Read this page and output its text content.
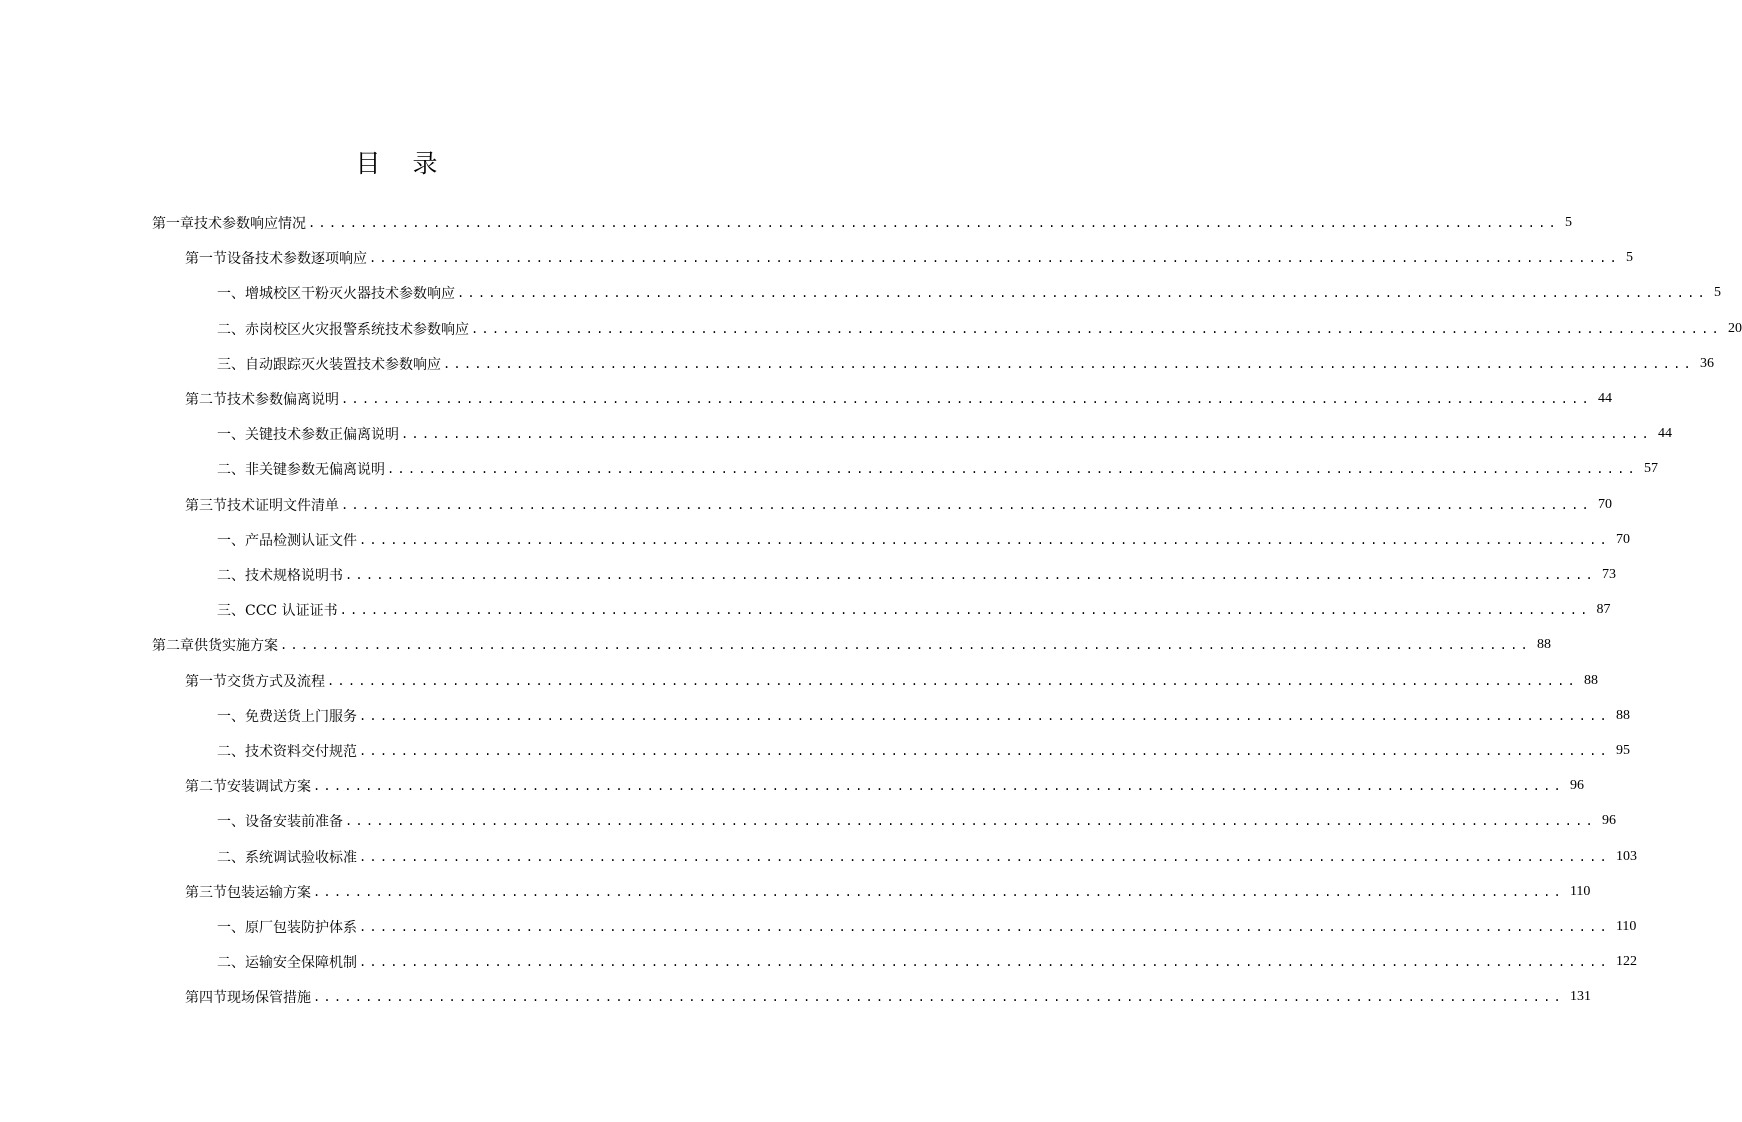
目 录
第一章 技术参数响应情况 ........................................................................................................................ 5
第一节 设备技术参数逐项响应 ........................................................................................................................ 5
一、 增城校区干粉灭火器技术参数响应 ........................................................................................................................ 5
二、 赤岗校区火灾报警系统技术参数响应 ........................................................................................................................ 20
三、 自动跟踪灭火装置技术参数响应 ........................................................................................................................ 36
第二节 技术参数偏离说明 ........................................................................................................................ 44
一、 关键技术参数正偏离说明 ........................................................................................................................ 44
二、 非关键参数无偏离说明 ........................................................................................................................ 57
第三节 技术证明文件清单 ........................................................................................................................ 70
一、 产品检测认证文件 ........................................................................................................................ 70
二、 技术规格说明书 ........................................................................................................................ 73
三、 CCC 认证证书 ........................................................................................................................ 87
第二章 供货实施方案 ........................................................................................................................ 88
第一节 交货方式及流程 ........................................................................................................................ 88
一、 免费送货上门服务 ........................................................................................................................ 88
二、 技术资料交付规范 ........................................................................................................................ 95
第二节 安装调试方案 ........................................................................................................................ 96
一、 设备安装前准备 ........................................................................................................................ 96
二、 系统调试验收标准 ........................................................................................................................ 103
第三节 包装运输方案 ........................................................................................................................ 110
一、 原厂包装防护体系 ........................................................................................................................ 110
二、 运输安全保障机制 ........................................................................................................................ 122
第四节 现场保管措施 ........................................................................................................................ 131
